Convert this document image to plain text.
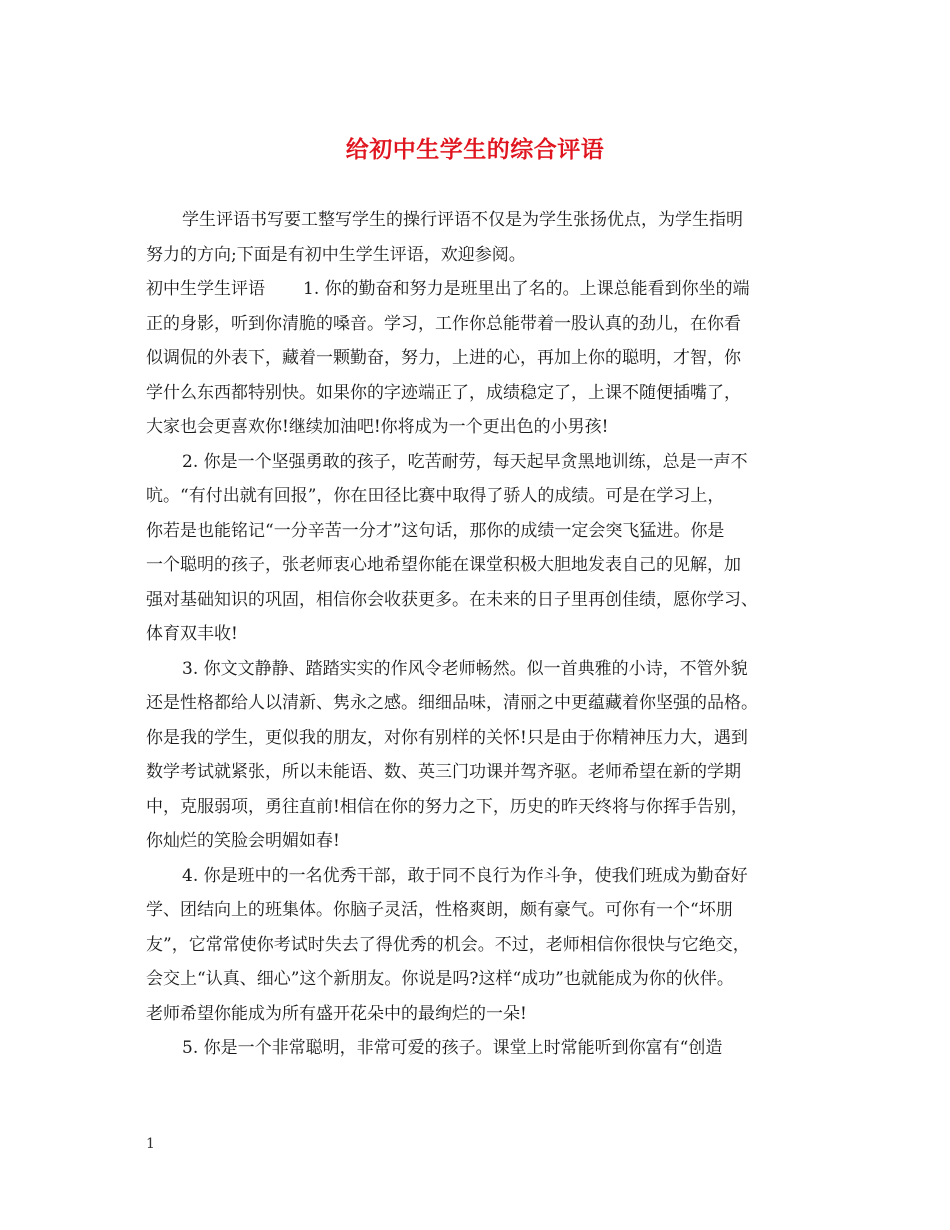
给初中生学生的综合评语
学生评语书写要工整写学生的操行评语不仅是为学生张扬优点，为学生指明
努力的方向;下面是有初中生学生评语，欢迎参阅。
初中生学生评语 1. 你的勤奋和努力是班里出了名的。上课总能看到你坐的端
正的身影，听到你清脆的嗓音。学习，工作你总能带着一股认真的劲儿，在你看
似调侃的外表下，藏着一颗勤奋，努力，上进的心，再加上你的聪明，才智，你
学什么东西都特别快。如果你的字迹端正了，成绩稳定了，上课不随便插嘴了，
大家也会更喜欢你!继续加油吧!你将成为一个更出色的小男孩!
2. 你是一个坚强勇敢的孩子，吃苦耐劳，每天起早贪黑地训练，总是一声不
吭。“有付出就有回报”，你在田径比赛中取得了骄人的成绩。可是在学习上，
你若是也能铭记“一分辛苦一分才”这句话，那你的成绩一定会突飞猛进。你是
一个聪明的孩子，张老师衷心地希望你能在课堂积极大胆地发表自己的见解，加
强对基础知识的巩固，相信你会收获更多。在未来的日子里再创佳绩，愿你学习、
体育双丰收!
3. 你文文静静、踏踏实实的作风令老师畅然。似一首典雅的小诗，不管外貌
还是性格都给人以清新、隽永之感。细细品味，清丽之中更蕴藏着你坚强的品格。
你是我的学生，更似我的朋友，对你有别样的关怀!只是由于你精神压力大，遇到
数学考试就紧张，所以未能语、数、英三门功课并驾齐驱。老师希望在新的学期
中，克服弱项，勇往直前!相信在你的努力之下，历史的昨天终将与你挥手告别，
你灿烂的笑脸会明媚如春!
4. 你是班中的一名优秀干部，敢于同不良行为作斗争，使我们班成为勤奋好
学、团结向上的班集体。你脑子灵活，性格爽朗，颇有豪气。可你有一个“坏朋
友”，它常常使你考试时失去了得优秀的机会。不过，老师相信你很快与它绝交，
会交上“认真、细心”这个新朋友。你说是吗?这样“成功”也就能成为你的伙伴。
老师希望你能成为所有盛开花朵中的最绚烂的一朵!
5. 你是一个非常聪明，非常可爱的孩子。课堂上时常能听到你富有“创造
1
